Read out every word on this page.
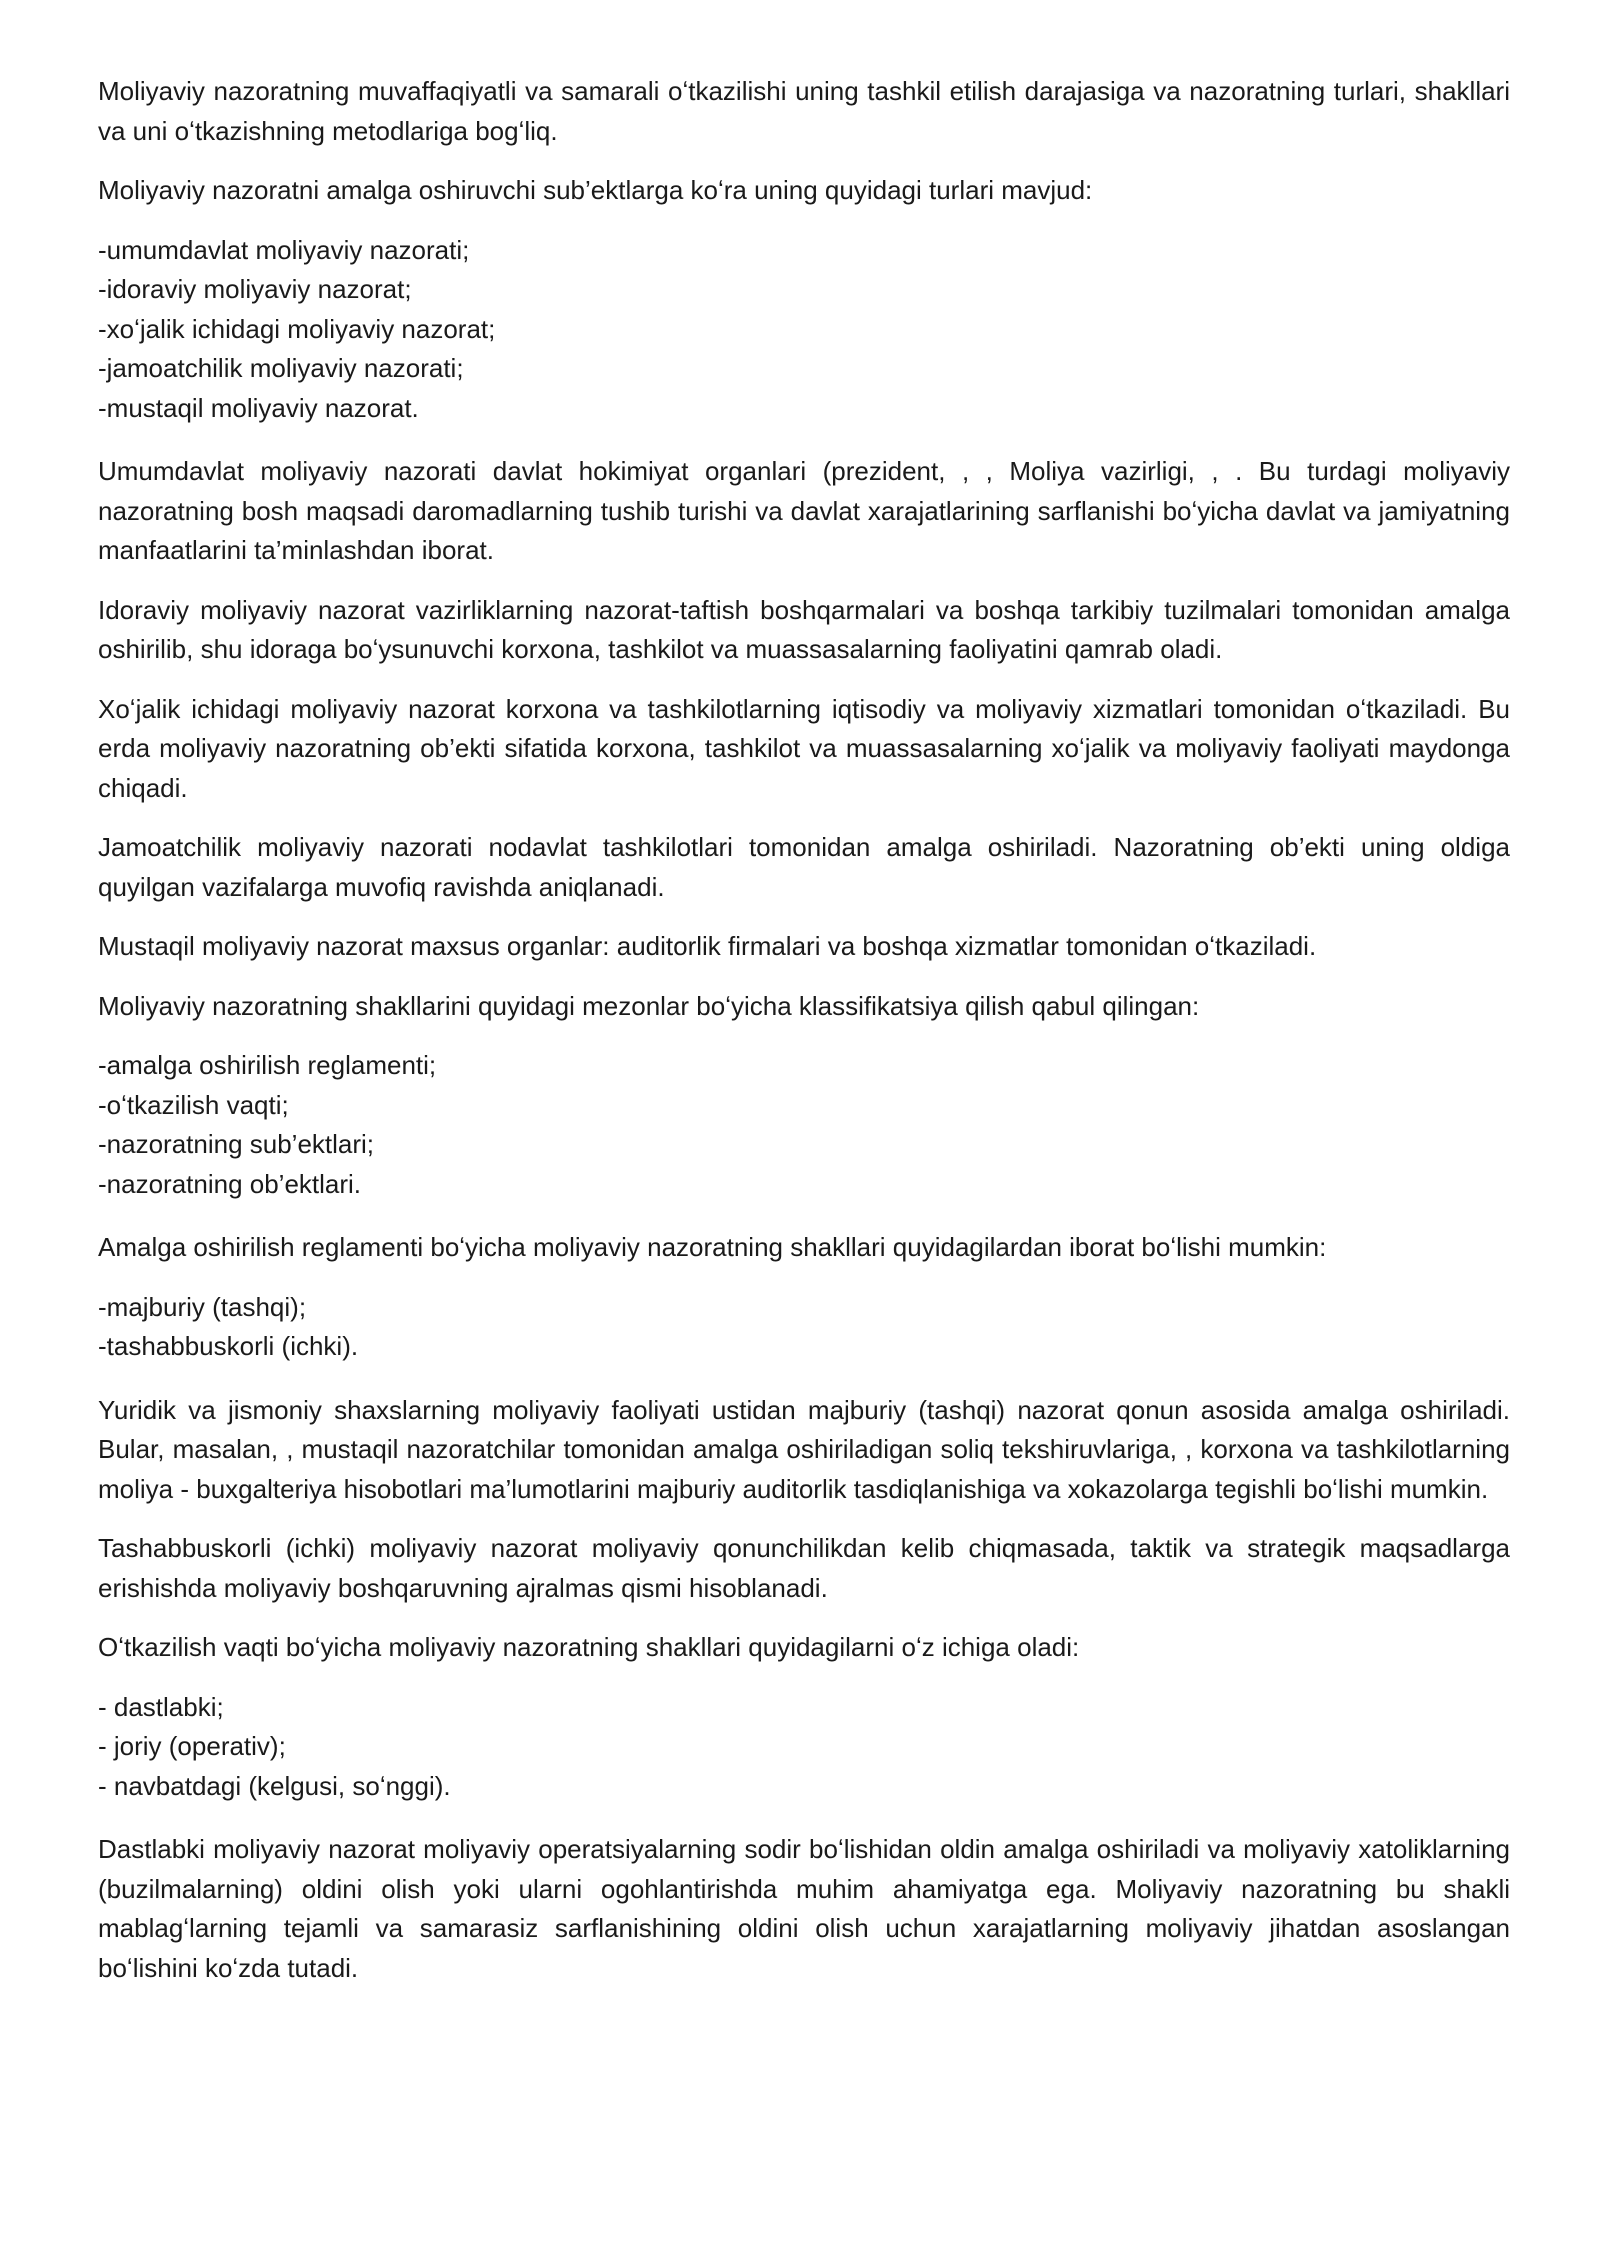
Moliyaviy nazoratning muvaffaqiyatli va samarali oʻtkazilishi uning tashkil etilish darajasiga va nazoratning turlari, shakllari va uni oʻtkazishning metodlariga bogʻliq.

Moliyaviy nazoratni amalga oshiruvchi sub’ektlarga koʻra uning quyidagi turlari mavjud:

-umumdavlat moliyaviy nazorati;
-idoraviy moliyaviy nazorat;
-xoʻjalik ichidagi moliyaviy nazorat;
-jamoatchilik moliyaviy nazorati;
-mustaqil moliyaviy nazorat.

Umumdavlat moliyaviy nazorati davlat hokimiyat organlari (prezident, , , Moliya vazirligi, , . Bu turdagi moliyaviy nazoratning bosh maqsadi daromadlarning tushib turishi va davlat xarajatlarining sarflanishi boʻyicha davlat va jamiyatning manfaatlarini ta’minlashdan iborat.

Idoraviy moliyaviy nazorat vazirliklarning nazorat-taftish boshqarmalari va boshqa tarkibiy tuzilmalari tomonidan amalga oshirilib, shu idoraga boʻysunuvchi korxona, tashkilot va muassasalarning faoliyatini qamrab oladi.

Xoʻjalik ichidagi moliyaviy nazorat korxona va tashkilotlarning iqtisodiy va moliyaviy xizmatlari tomonidan oʻtkaziladi. Bu erda moliyaviy nazoratning ob’ekti sifatida korxona, tashkilot va muassasalarning xoʻjalik va moliyaviy faoliyati maydonga chiqadi.

Jamoatchilik moliyaviy nazorati nodavlat tashkilotlari tomonidan amalga oshiriladi. Nazoratning ob’ekti uning oldiga quyilgan vazifalarga muvofiq ravishda aniqlanadi.

Mustaqil moliyaviy nazorat maxsus organlar: auditorlik firmalari va boshqa xizmatlar tomonidan oʻtkaziladi.

Moliyaviy nazoratning shakllarini quyidagi mezonlar boʻyicha klassifikatsiya qilish qabul qilingan:

-amalga oshirilish reglamenti;
-oʻtkazilish vaqti;
-nazoratning sub’ektlari;
-nazoratning ob’ektlari.

Amalga oshirilish reglamenti boʻyicha moliyaviy nazoratning shakllari quyidagilardan iborat boʻlishi mumkin:

-majburiy (tashqi);
-tashabbuskorli (ichki).

Yuridik va jismoniy shaxslarning moliyaviy faoliyati ustidan majburiy (tashqi) nazorat qonun asosida amalga oshiriladi. Bular, masalan, , mustaqil nazoratchilar tomonidan amalga oshiriladigan soliq tekshiruvlariga, , korxona va tashkilotlarning moliya - buxgalteriya hisobotlari ma’lumotlarini majburiy auditorlik tasdiqlanishiga va xokazolarga tegishli boʻlishi mumkin.

Tashabbuskorli (ichki) moliyaviy nazorat moliyaviy qonunchilikdan kelib chiqmasada, taktik va strategik maqsadlarga erishishda moliyaviy boshqaruvning ajralmas qismi hisoblanadi.

Oʻtkazilish vaqti boʻyicha moliyaviy nazoratning shakllari quyidagilarni oʻz ichiga oladi:

- dastlabki;
- joriy (operativ);
- navbatdagi (kelgusi, soʻnggi).

Dastlabki moliyaviy nazorat moliyaviy operatsiyalarning sodir boʻlishidan oldin amalga oshiriladi va moliyaviy xatoliklarning (buzilmalarning) oldini olish yoki ularni ogohlantirishda muhim ahamiyatga ega. Moliyaviy nazoratning bu shakli mablagʻlarning tejamli va samarasiz sarflanishining oldini olish uchun xarajatlarning moliyaviy jihatdan asoslangan boʻlishini koʻzda tutadi.
